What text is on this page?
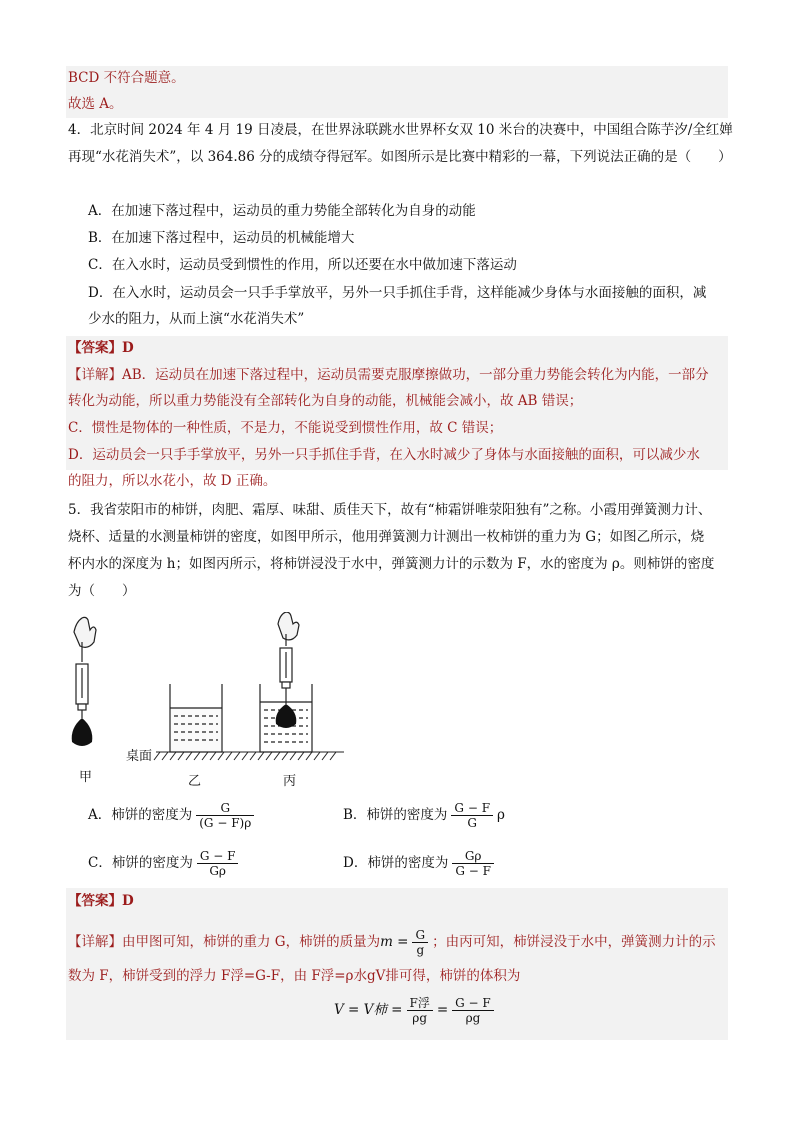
BCD 不符合题意。
故选 A。
4．北京时间 2024 年 4 月 19 日凌晨，在世界泳联跳水世界杯女双 10 米台的决赛中，中国组合陈芋汐/全红婵
再现“水花消失术”，以 364.86 分的成绩夺得冠军。如图所示是比赛中精彩的一幕，下列说法正确的是（　　）
A．在加速下落过程中，运动员的重力势能全部转化为自身的动能
B．在加速下落过程中，运动员的机械能增大
C．在入水时，运动员受到惯性的作用，所以还要在水中做加速下落运动
D．在入水时，运动员会一只手手掌放平，另外一只手抓住手背，这样能减少身体与水面接触的面积，减
少水的阻力，从而上演“水花消失术”
【答案】D
【详解】AB．运动员在加速下落过程中，运动员需要克服摩擦做功，一部分重力势能会转化为内能，一部分
转化为动能，所以重力势能没有全部转化为自身的动能，机械能会减小，故 AB 错误；
C．惯性是物体的一种性质，不是力，不能说受到惯性作用，故 C 错误；
D．运动员会一只手手掌放平，另外一只手抓住手背，在入水时减少了身体与水面接触的面积，可以减少水
的阻力，所以水花小，故 D 正确。
5．我省荥阳市的柿饼，肉肥、霜厚、味甜、质佳天下，故有“柿霜饼唯荥阳独有”之称。小霞用弹簧测力计、
烧杯、适量的水测量柿饼的密度，如图甲所示，他用弹簧测力计测出一枚柿饼的重力为 G；如图乙所示，烧
杯内水的深度为 h；如图丙所示，将柿饼浸没于水中，弹簧测力计的示数为 F，水的密度为 ρ。则柿饼的密度
为（　　）
甲	乙	丙
桌面
A．柿饼的密度为 $\frac{G}{(G - F)\rho}$	B．柿饼的密度为 $\frac{G - F}{G}$ ρ
C．柿饼的密度为 $\frac{G - F}{G\rho}$	D．柿饼的密度为 $\frac{G\rho}{G - F}$
【答案】D
【详解】由甲图可知，柿饼的重力 G，柿饼的质量为$m = \frac{G}{g}$ ；由丙可知，柿饼浸没于水中，弹簧测力计的示
数为 F，柿饼受到的浮力 F浮=G-F，由 F浮=ρ水gV排可得，柿饼的体积为
V = V柿 = $\frac{\text{F浮}}{\rho g} = \frac{G - F}{\rho g}$
